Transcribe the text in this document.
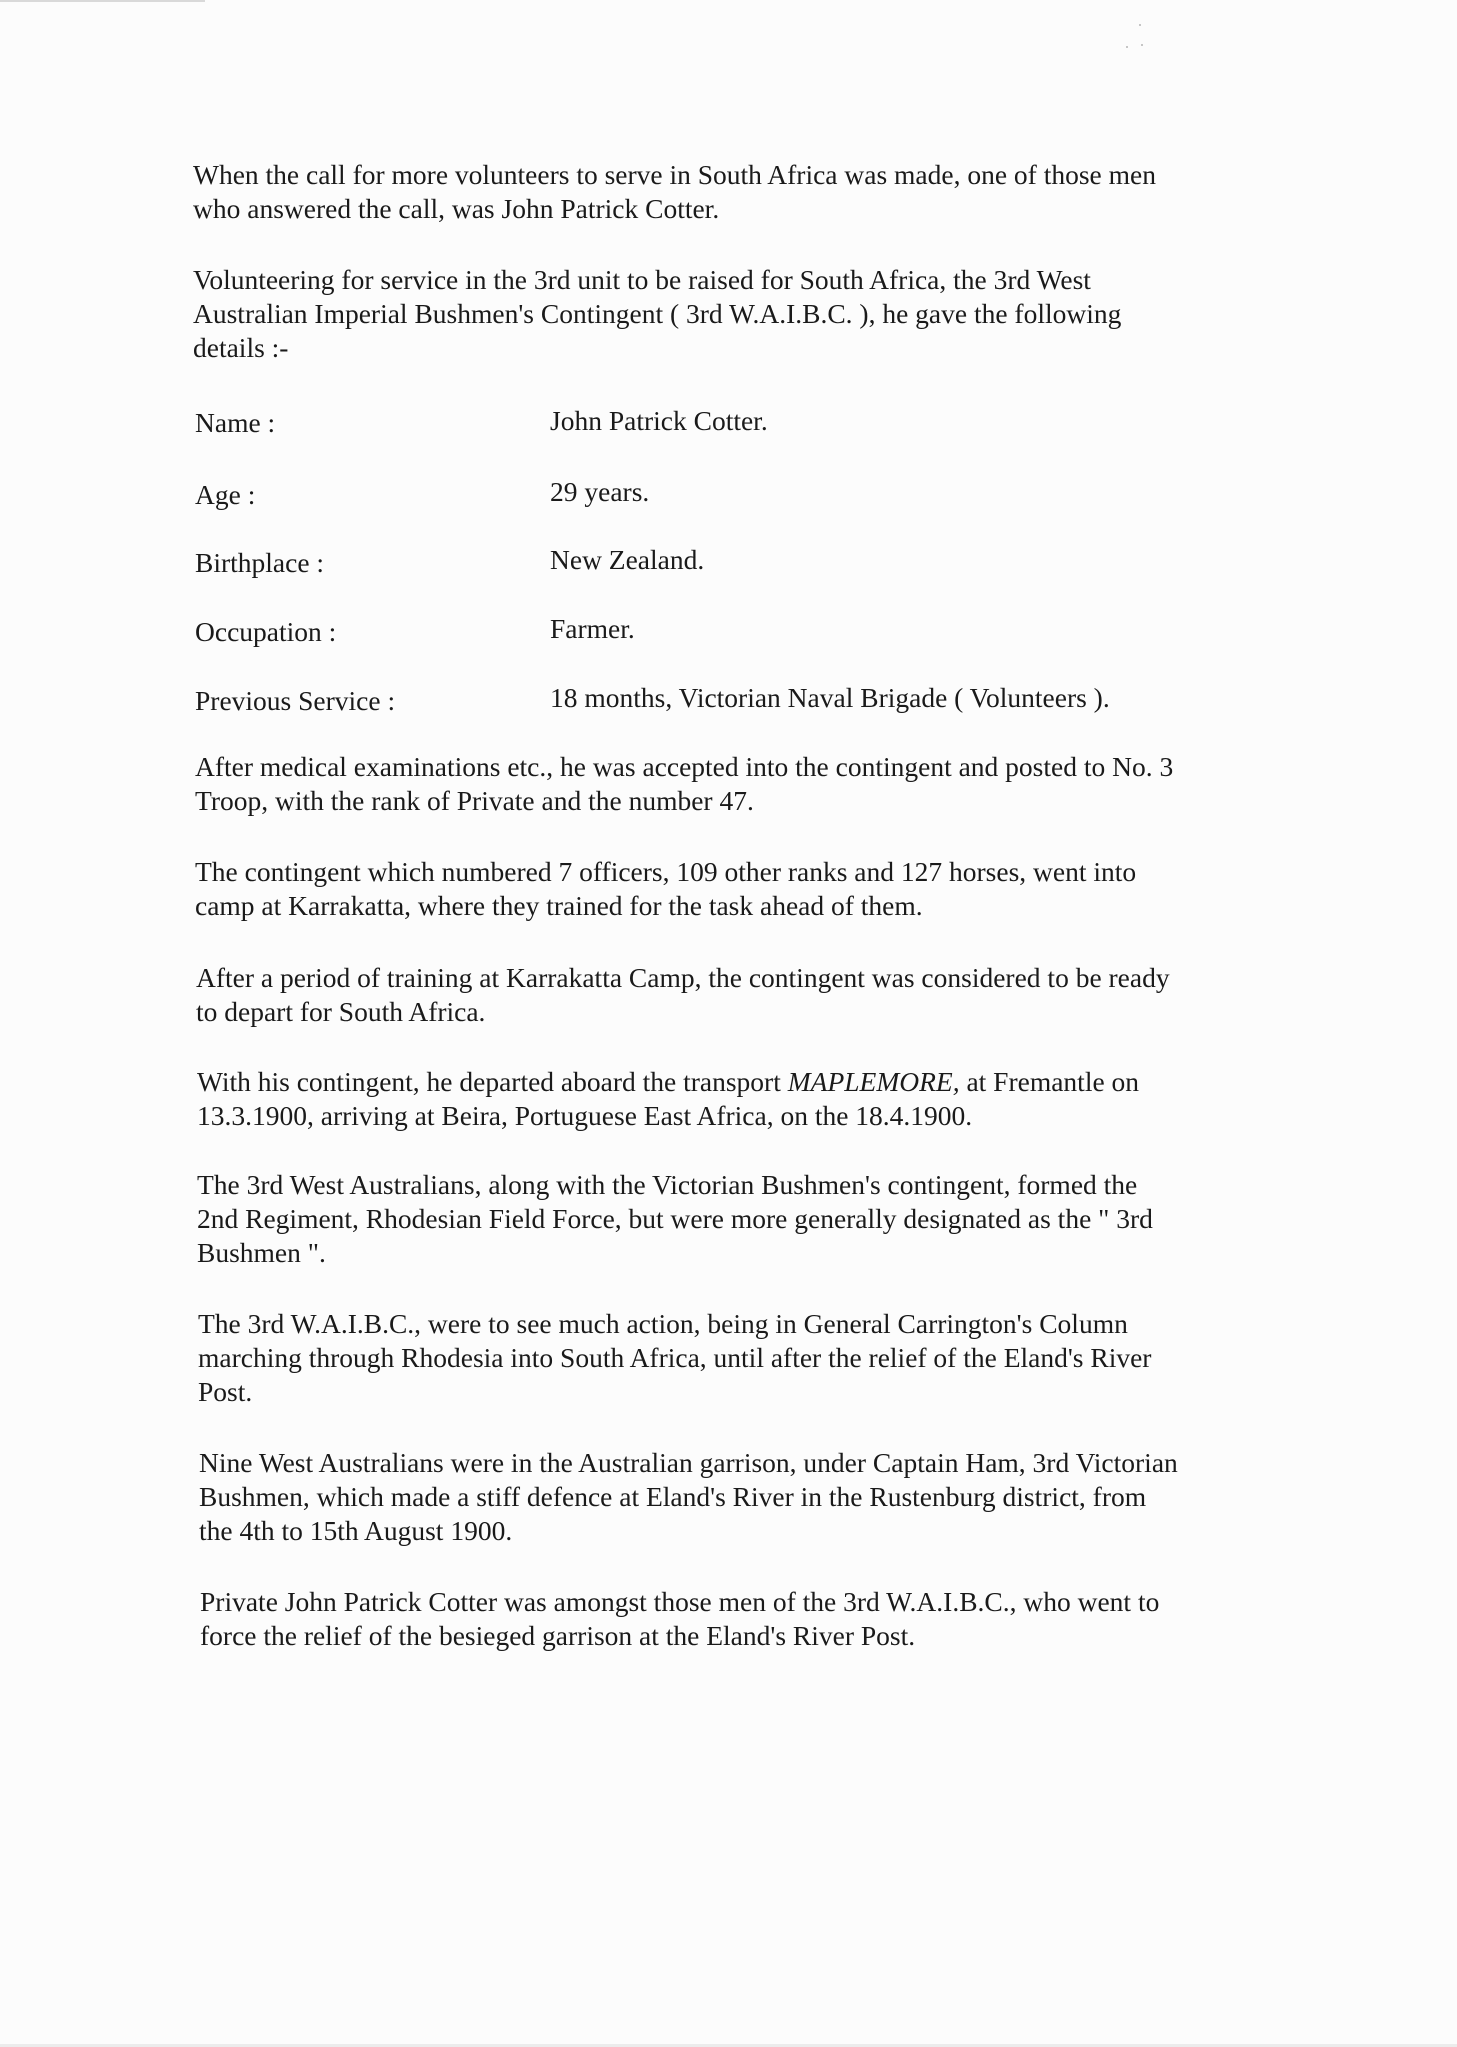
When the call for more volunteers to serve in South Africa was made, one of those men
who answered the call, was John Patrick Cotter.
Volunteering for service in the 3rd unit to be raised for South Africa, the 3rd West
Australian Imperial Bushmen's Contingent ( 3rd W.A.I.B.C. ), he gave the following
details :-
Name :	John Patrick Cotter.
Age :	29 years.
Birthplace :	New Zealand.
Occupation :	Farmer.
Previous Service :	18 months, Victorian Naval Brigade ( Volunteers ).
After medical examinations etc., he was accepted into the contingent and posted to No. 3
Troop, with the rank of Private and the number 47.
The contingent which numbered 7 officers, 109 other ranks and 127 horses, went into
camp at Karrakatta, where they trained for the task ahead of them.
After a period of training at Karrakatta Camp, the contingent was considered to be ready
to depart for South Africa.
With his contingent, he departed aboard the transport MAPLEMORE, at Fremantle on
13.3.1900, arriving at Beira, Portuguese East Africa, on the 18.4.1900.
The 3rd West Australians, along with the Victorian Bushmen's contingent, formed the
2nd Regiment, Rhodesian Field Force, but were more generally designated as the " 3rd
Bushmen ".
The 3rd W.A.I.B.C., were to see much action, being in General Carrington's Column
marching through Rhodesia into South Africa, until after the relief of the Eland's River
Post.
Nine West Australians were in the Australian garrison, under Captain Ham, 3rd Victorian
Bushmen, which made a stiff defence at Eland's River in the Rustenburg district, from
the 4th to 15th August 1900.
Private John Patrick Cotter was amongst those men of the 3rd W.A.I.B.C., who went to
force the relief of the besieged garrison at the Eland's River Post.
